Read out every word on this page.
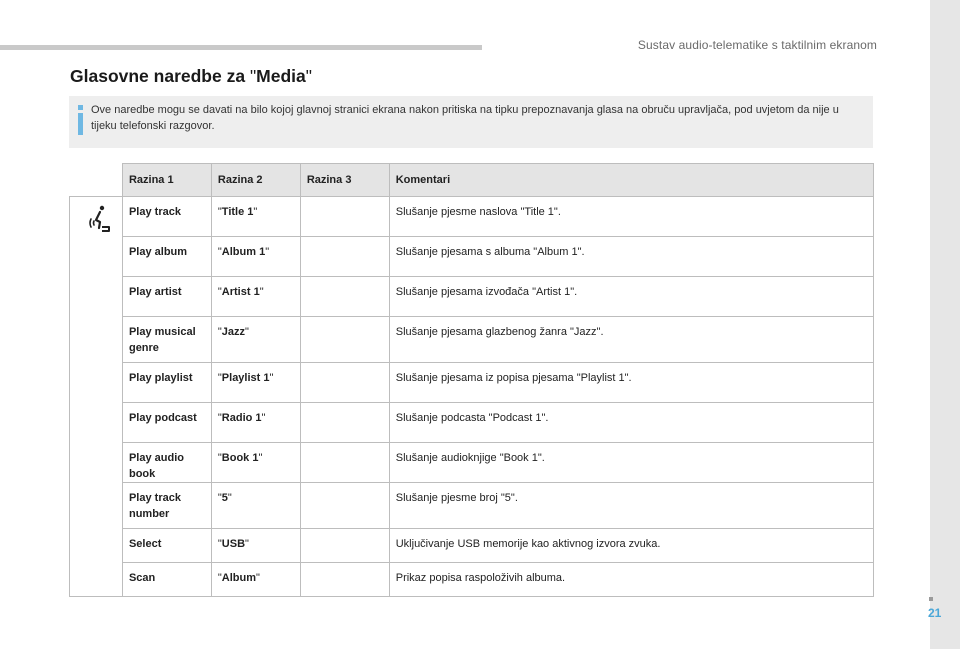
Sustav audio-telematike s taktilnim ekranom
Glasovne naredbe za "Media"
Ove naredbe mogu se davati na bilo kojoj glavnoj stranici ekrana nakon pritiska na tipku prepoznavanja glasa na obruču upravljača, pod uvjetom da nije u tijeku telefonski razgovor.
	Razina 1	Razina 2	Razina 3	Komentari

	Play track	"Title 1"		Slušanje pjesme naslova "Title 1".
	Play album	"Album 1"		Slušanje pjesama s albuma "Album 1".
	Play artist	"Artist 1"		Slušanje pjesama izvođača "Artist 1".
	Play musical genre	"Jazz"		Slušanje pjesama glazbenog žanra "Jazz".
	Play playlist	"Playlist 1"		Slušanje pjesama iz popisa pjesama "Playlist 1".
	Play podcast	"Radio 1"		Slušanje podcasta "Podcast 1".
	Play audio book	"Book 1"		Slušanje audioknjige "Book 1".
	Play track number	"5"		Slušanje pjesme broj "5".
	Select	"USB"		Uključivanje USB memorije kao aktivnog izvora zvuka.
	Scan	"Album"		Prikaz popisa raspoloživih albuma.
21
